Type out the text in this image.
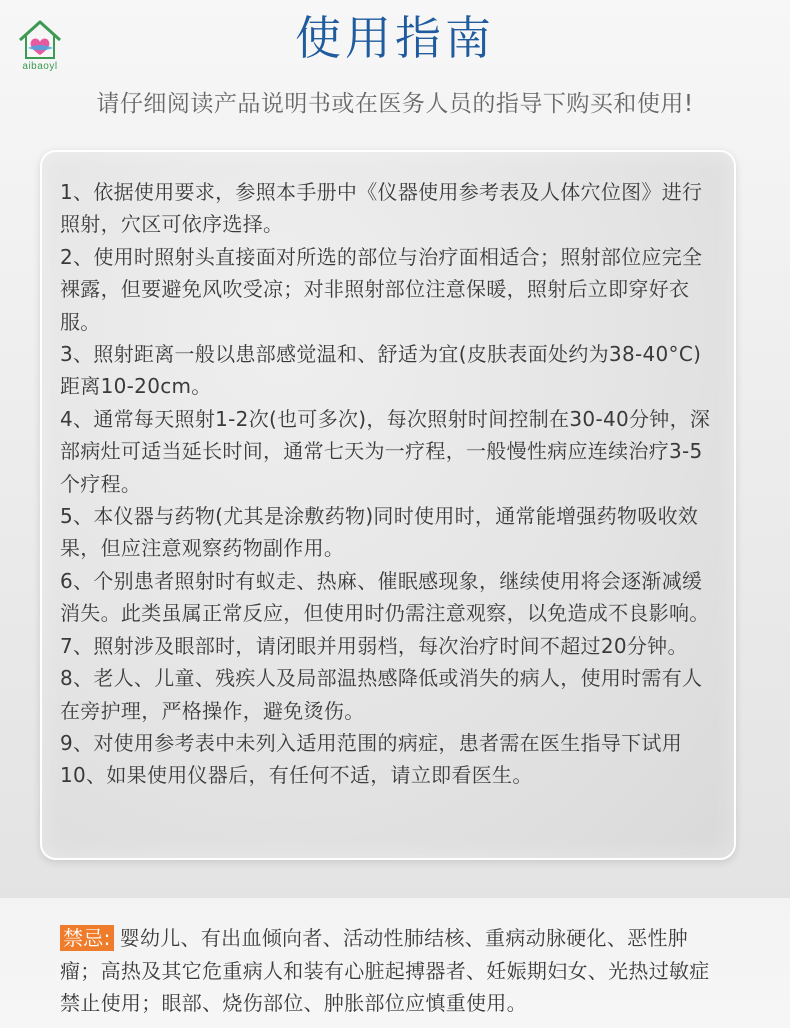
aibaoyl
使用指南
请仔细阅读产品说明书或在医务人员的指导下购买和使用!
1、依据使用要求，参照本手册中《仪器使用参考表及人体穴位图》进行照射，穴区可依序选择。
2、使用时照射头直接面对所选的部位与治疗面相适合；照射部位应完全裸露，但要避免风吹受凉；对非照射部位注意保暖，照射后立即穿好衣服。
3、照射距离一般以患部感觉温和、舒适为宜(皮肤表面处约为38-40°C)距离10-20cm。
4、通常每天照射1-2次(也可多次)，每次照射时间控制在30-40分钟，深部病灶可适当延长时间，通常七天为一疗程，一般慢性病应连续治疗3-5个疗程。
5、本仪器与药物(尤其是涂敷药物)同时使用时，通常能增强药物吸收效果，但应注意观察药物副作用。
6、个别患者照射时有蚁走、热麻、催眠感现象，继续使用将会逐渐减缓消失。此类虽属正常反应，但使用时仍需注意观察，以免造成不良影响。
7、照射涉及眼部时，请闭眼并用弱档，每次治疗时间不超过20分钟。
8、老人、儿童、残疾人及局部温热感降低或消失的病人，使用时需有人在旁护理，严格操作，避免烫伤。
9、对使用参考表中未列入适用范围的病症，患者需在医生指导下试用
10、如果使用仪器后，有任何不适，请立即看医生。
禁忌: 婴幼儿、有出血倾向者、活动性肺结核、重病动脉硬化、恶性肿瘤；高热及其它危重病人和装有心脏起搏器者、妊娠期妇女、光热过敏症禁止使用；眼部、烧伤部位、肿胀部位应慎重使用。
